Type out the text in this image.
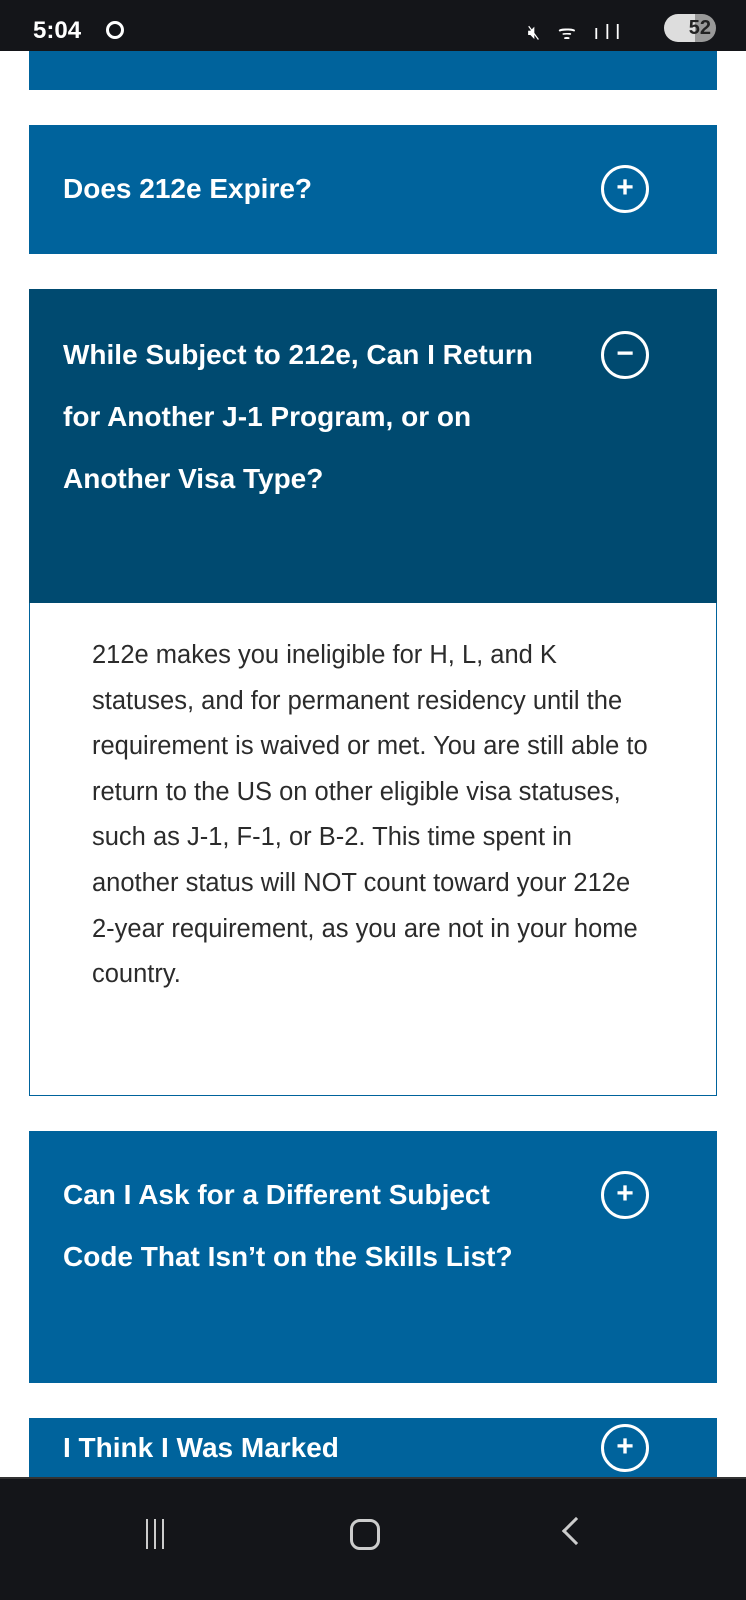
5:04	🔇︎ ᯤ ıll	52
Does 212e Expire?	+
While Subject to 212e, Can I Return for Another J-1 Program, or on Another Visa Type?
−

212e makes you ineligible for H, L, and K statuses, and for permanent residency until the requirement is waived or met. You are still able to return to the US on other eligible visa statuses, such as J-1, F-1, or B-2. This time spent in another status will NOT count toward your 212e 2-year requirement, as you are not in your home country.

Can I Ask for a Different Subject Code That Isn’t on the Skills List?
+
I Think I Was Marked	+
